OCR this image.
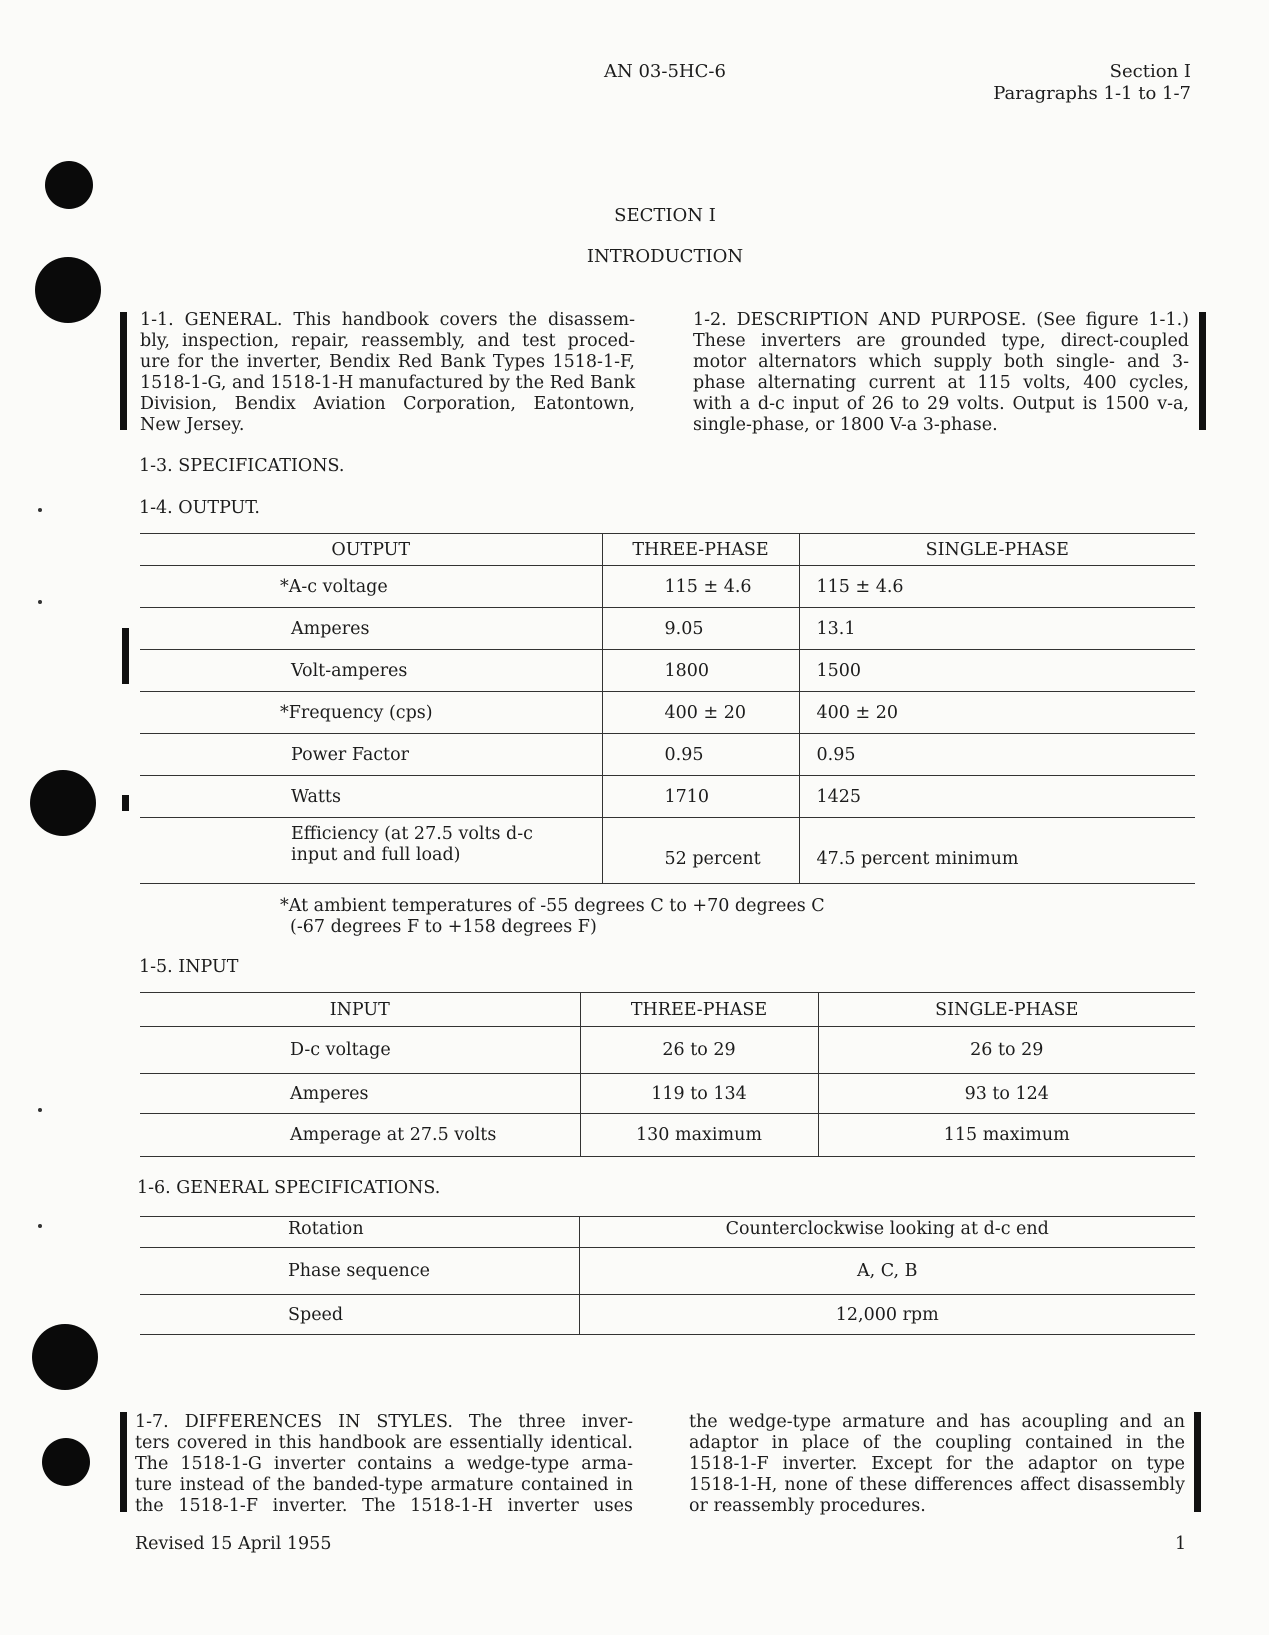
AN 03-5HC-6	Section I
Paragraphs 1-1 to 1-7
SECTION I
INTRODUCTION
1-1. GENERAL. This handbook covers the disassem-
bly, inspection, repair, reassembly, and test proced-
ure for the inverter, Bendix Red Bank Types 1518-1-F,
1518-1-G, and 1518-1-H manufactured by the Red Bank
Division, Bendix Aviation Corporation, Eatontown,
New Jersey.
1-2. DESCRIPTION AND PURPOSE. (See figure 1-1.)
These inverters are grounded type, direct-coupled
motor alternators which supply both single- and 3-
phase alternating current at 115 volts, 400 cycles,
with a d-c input of 26 to 29 volts. Output is 1500 v-a,
single-phase, or 1800 V-a 3-phase.
1-3. SPECIFICATIONS.
1-4. OUTPUT.
OUTPUT	THREE-PHASE	SINGLE-PHASE
*A-c voltage	115 ± 4.6	115 ± 4.6
Amperes	9.05	13.1
Volt-amperes	1800	1500
*Frequency (cps)	400 ± 20	400 ± 20
Power Factor	0.95	0.95
Watts	1710	1425

Efficiency (at 27.5 volts d-c
input and full load)	52 percent	47.5 percent minimum
*At ambient temperatures of -55 degrees C to +70 degrees C
(-67 degrees F to +158 degrees F)
1-5. INPUT
INPUT	THREE-PHASE	SINGLE-PHASE
D-c voltage	26 to 29	26 to 29
Amperes	119 to 134	93 to 124
Amperage at 27.5 volts	130 maximum	115 maximum
1-6. GENERAL SPECIFICATIONS.
Rotation	Counterclockwise looking at d-c end
Phase sequence	A, C, B
Speed	12,000 rpm
1-7. DIFFERENCES IN STYLES. The three inver-
ters covered in this handbook are essentially identical.
The 1518-1-G inverter contains a wedge-type arma-
ture instead of the banded-type armature contained in
the 1518-1-F inverter. The 1518-1-H inverter uses
the wedge-type armature and has acoupling and an
adaptor in place of the coupling contained in the
1518-1-F inverter. Except for the adaptor on type
1518-1-H, none of these differences affect disassembly
or reassembly procedures.
Revised 15 April 1955	1
